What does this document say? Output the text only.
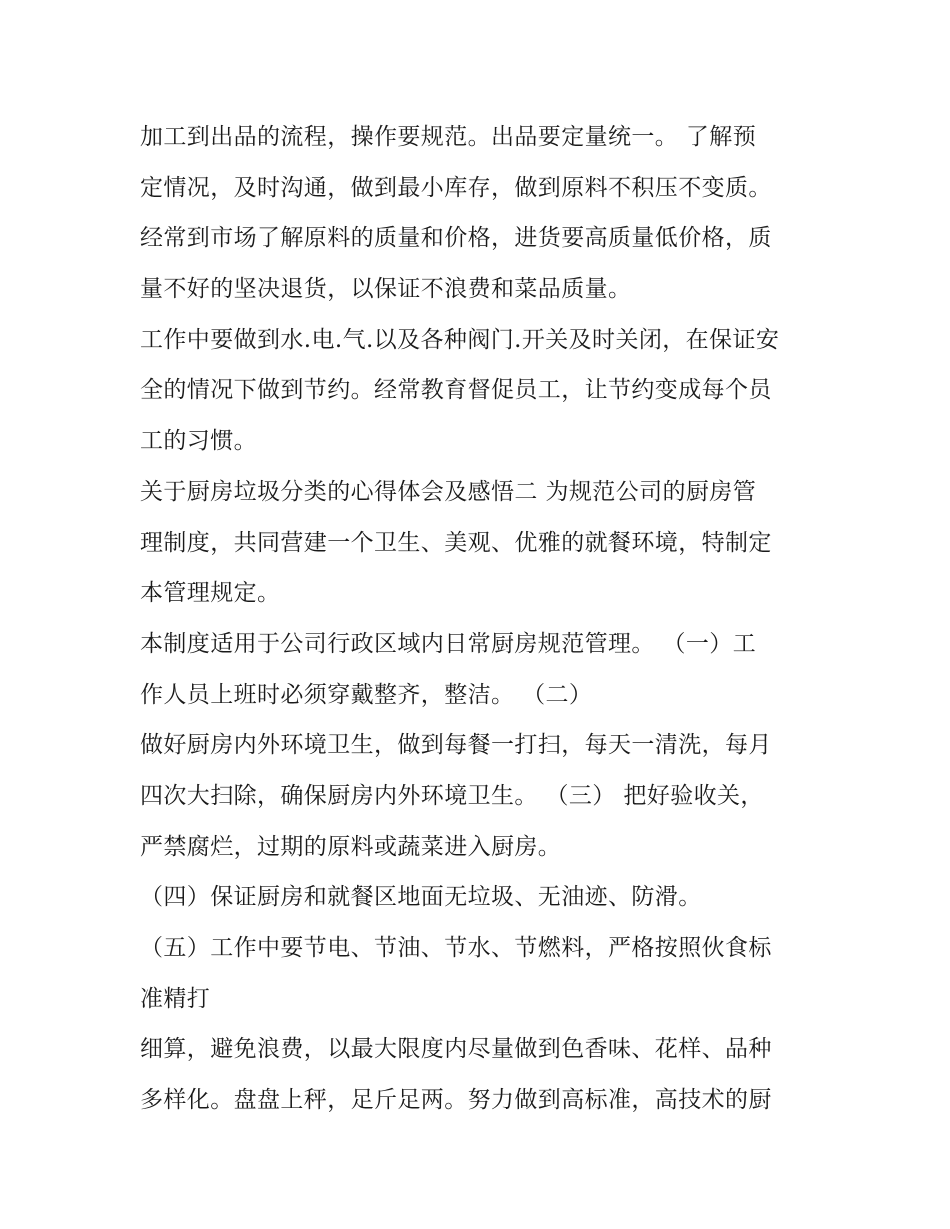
加工到出品的流程，操作要规范。出品要定量统一。 了解预
定情况，及时沟通，做到最小库存，做到原料不积压不变质。
经常到市场了解原料的质量和价格，进货要高质量低价格，质
量不好的坚决退货，以保证不浪费和菜品质量。
工作中要做到水.电.气.以及各种阀门.开关及时关闭，在保证安
全的情况下做到节约。经常教育督促员工，让节约变成每个员
工的习惯。
关于厨房垃圾分类的心得体会及感悟二 为规范公司的厨房管
理制度，共同营建一个卫生、美观、优雅的就餐环境，特制定
本管理规定。
本制度适用于公司行政区域内日常厨房规范管理。 （一）工
作人员上班时必须穿戴整齐，整洁。 （二）
做好厨房内外环境卫生，做到每餐一打扫，每天一清洗，每月
四次大扫除，确保厨房内外环境卫生。 （三） 把好验收关，
严禁腐烂，过期的原料或蔬菜进入厨房。
（四）保证厨房和就餐区地面无垃圾、无油迹、防滑。
（五）工作中要节电、节油、节水、节燃料，严格按照伙食标
准精打
细算，避免浪费，以最大限度内尽量做到色香味、花样、品种
多样化。盘盘上秤，足斤足两。努力做到高标准，高技术的厨
